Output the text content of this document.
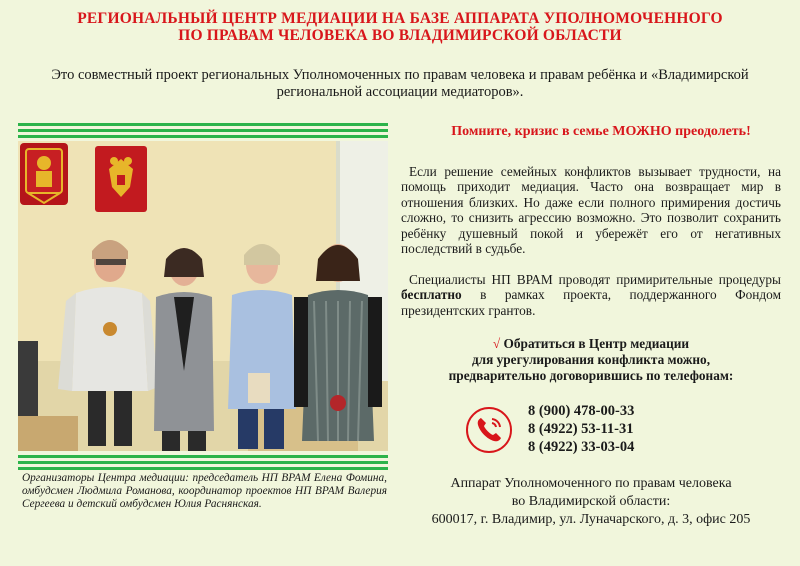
РЕГИОНАЛЬНЫЙ ЦЕНТР МЕДИАЦИИ НА БАЗЕ АППАРАТА УПОЛНОМОЧЕННОГО
ПО ПРАВАМ ЧЕЛОВЕКА ВО ВЛАДИМИРСКОЙ ОБЛАСТИ
Это совместный проект региональных Уполномоченных по правам человека и правам ребёнка и «Владимирской
региональной ассоциации медиаторов».
Организаторы Центра медиации: председатель НП ВРАМ Елена Фомина, омбудсмен Людмила Романова, координатор проектов НП ВРАМ Валерия Сергеева и детский омбудсмен Юлия Раснянская.
Помните, кризис в семье МОЖНО преодолеть!
Если решение семейных конфликтов вызывает трудности, на помощь приходит медиация. Часто она возвращает мир в отношения близких. Но даже если полного примирения достичь сложно, то снизить агрессию возможно. Это позволит сохранить ребёнку душевный покой и убережёт его от негативных последствий в судьбе.
Специалисты НП ВРАМ проводят примирительные процедуры бесплатно в рамках проекта, поддержанного Фондом президентских грантов.
√ Обратиться в Центр медиации
для урегулирования конфликта можно,
предварительно договорившись по телефонам:
8 (900) 478-00-33
8 (4922) 53-11-31
8 (4922) 33-03-04
Аппарат Уполномоченного по правам человека
во Владимирской области:
600017, г. Владимир, ул. Луначарского, д. 3, офис 205
